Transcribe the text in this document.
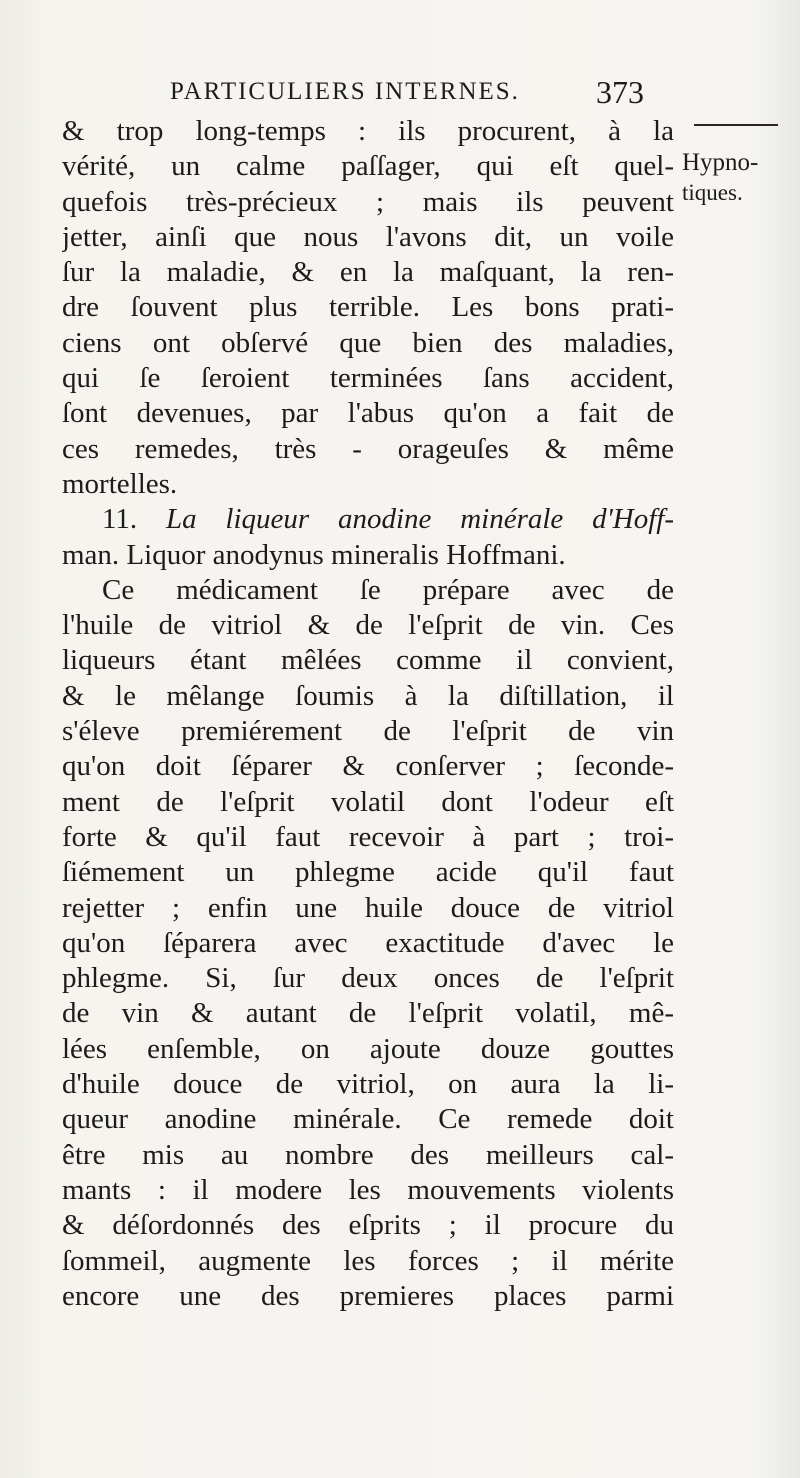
PARTICULIERS INTERNES.	373
Hypno-
tiques.
& trop long-temps : ils procurent, à la
vérité, un calme paſſager, qui eſt quel-
quefois très-précieux ; mais ils peuvent
jetter, ainſi que nous l'avons dit, un voile
ſur la maladie, & en la maſquant, la ren-
dre ſouvent plus terrible. Les bons prati-
ciens ont obſervé que bien des maladies,
qui ſe ſeroient terminées ſans accident,
ſont devenues, par l'abus qu'on a fait de
ces remedes, très - orageuſes & même
mortelles.
11. La liqueur anodine minérale d'Hoff-
man. Liquor anodynus mineralis Hoffmani.
Ce médicament ſe prépare avec de
l'huile de vitriol & de l'eſprit de vin. Ces
liqueurs étant mêlées comme il convient,
& le mêlange ſoumis à la diſtillation, il
s'éleve premiérement de l'eſprit de vin
qu'on doit ſéparer & conſerver ; ſeconde-
ment de l'eſprit volatil dont l'odeur eſt
forte & qu'il faut recevoir à part ; troi-
ſiémement un phlegme acide qu'il faut
rejetter ; enfin une huile douce de vitriol
qu'on ſéparera avec exactitude d'avec le
phlegme. Si, ſur deux onces de l'eſprit
de vin & autant de l'eſprit volatil, mê-
lées enſemble, on ajoute douze gouttes
d'huile douce de vitriol, on aura la li-
queur anodine minérale. Ce remede doit
être mis au nombre des meilleurs cal-
mants : il modere les mouvements violents
& déſordonnés des eſprits ; il procure du
ſommeil, augmente les forces ; il mérite
encore une des premieres places parmi
